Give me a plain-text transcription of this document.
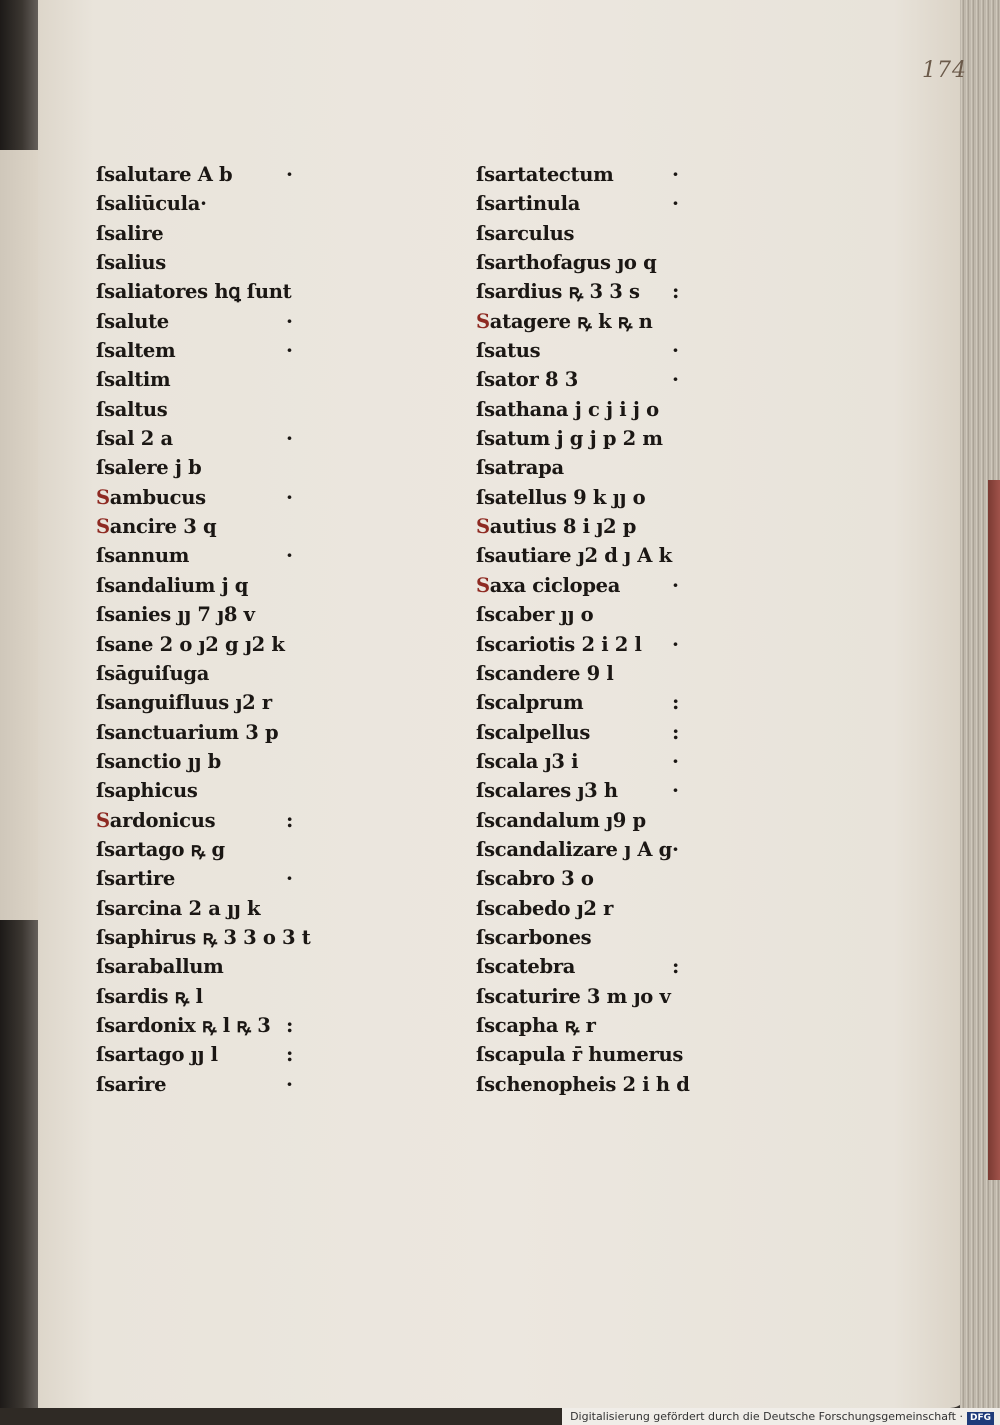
174
ſsalutare A b	·
ſsaliūcula·
ſsalire
ſsalius
ſsaliatores hꝗ ſunt
ſsalute	·
ſsaltem	·
ſsaltim
ſsaltus
ſsal 2 a	·
ſsalere j b
Sambucus	·
Sancire 3 q
ſsannum	·
ſsandalium j q
ſsanies ȷȷ 7 ȷ8 v
ſsane 2 o ȷ2 g ȷ2 k
ſsāguiſuga
ſsanguifluus ȷ2 r
ſsanctuarium 3 p
ſsanctio ȷȷ b
ſsaphicus
Sardonicus	:
ſsartago ꝶ g
ſsartire	·
ſsarcina 2 a ȷȷ k
ſsaphirus ꝶ 3 3 o 3 t
ſsaraballum
ſsardis ꝶ l
ſsardonix ꝶ l ꝶ 3 :
ſsartago ȷȷ l	:
ſsarire	·
ſsartatectum	·
ſsartinula	·
ſsarculus
ſsarthofagus ȷo q
ſsardius ꝶ 3 3 s :
Satagere ꝶ k ꝶ n
ſsatus	·
ſsator 8 3	·
ſsathana j c j i j o
ſsatum j g j p 2 m
ſsatrapa
ſsatellus 9 k ȷȷ o
Sautius 8 i ȷ2 p
ſsautiare ȷ2 d ȷ A k
Saxa ciclopea	·
ſscaber ȷȷ o
ſscariotis 2 i 2 l ·
ſscandere 9 l
ſscalprum	:
ſscalpellus	:
ſscala ȷ3 i	·
ſscalares ȷ3 h	·
ſscandalum ȷ9 p
ſscandalizare ȷ A g ·
ſscabro 3 o
ſscabedo ȷ2 r
ſscarbones
ſscatebra	:
ſscaturire 3 m ȷo v
ſscapha ꝶ r
ſscapula r̄ humerus
ſschenopheis 2 i h d
Digitalisierung gefördert durch die Deutsche Forschungsgemeinschaft · DFG
